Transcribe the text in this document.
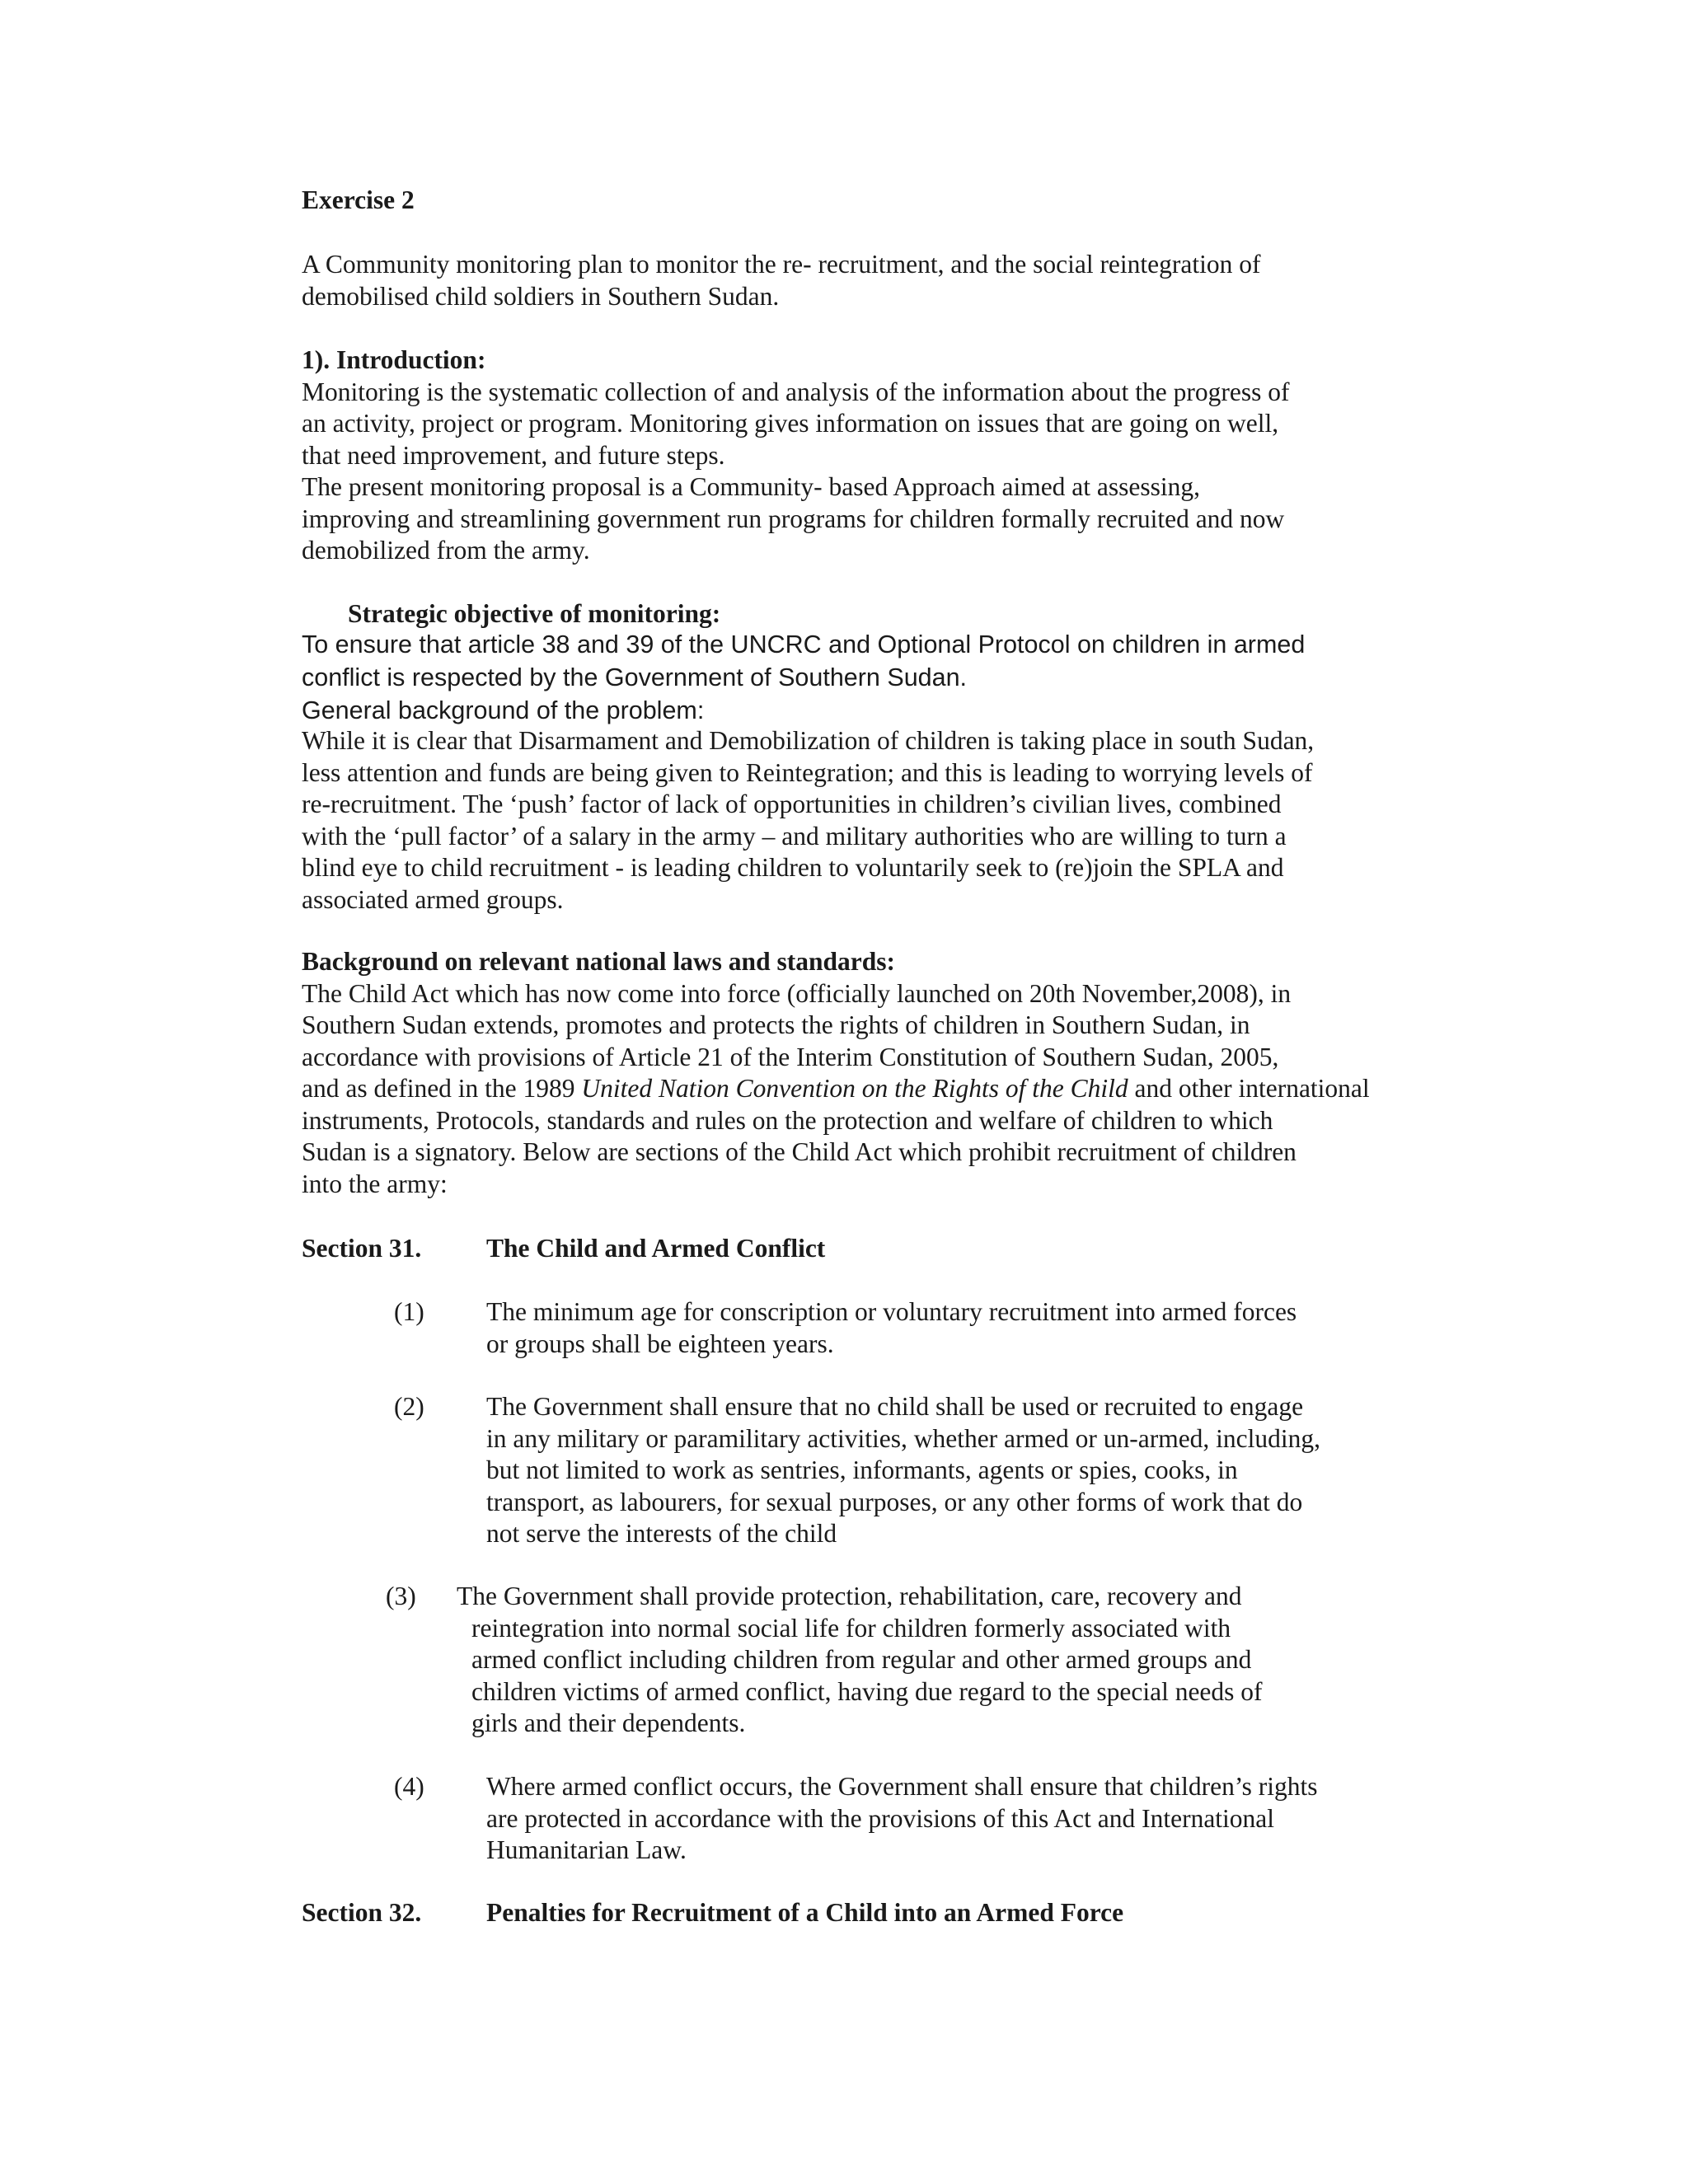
Exercise 2
A Community monitoring plan to monitor the re- recruitment, and the social reintegration of
demobilised child soldiers in Southern Sudan.
1). Introduction:
Monitoring is the systematic collection of and analysis of the information about the progress of
an activity, project or program. Monitoring gives information on issues that are going on well,
that need improvement, and future steps.
The present monitoring proposal is a Community- based Approach aimed at assessing,
improving and streamlining government run programs for children formally recruited and now
demobilized from the army.
Strategic objective of monitoring:
To ensure that article 38 and 39 of the UNCRC and Optional Protocol on children in armed
conflict is respected by the Government of Southern Sudan.
General background of the problem:
While it is clear that Disarmament and Demobilization of children is taking place in south Sudan,
less attention and funds are being given to Reintegration; and this is leading to worrying levels of
re-recruitment. The ‘push’ factor of lack of opportunities in children’s civilian lives, combined
with the ‘pull factor’ of a salary in the army – and military authorities who are willing to turn a
blind eye to child recruitment - is leading children to voluntarily seek to (re)join the SPLA and
associated armed groups.
Background on relevant national laws and standards:
The Child Act which has now come into force (officially launched on 20th November,2008), in
Southern Sudan extends, promotes and protects the rights of children in Southern Sudan, in
accordance with provisions of Article 21 of the Interim Constitution of Southern Sudan, 2005,
and as defined in the 1989 United Nation Convention on the Rights of the Child and other international
instruments, Protocols, standards and rules on the protection and welfare of children to which
Sudan is a signatory. Below are sections of the Child Act which prohibit recruitment of children
into the army:
Section 31.	The Child and Armed Conflict
(1) The minimum age for conscription or voluntary recruitment into armed forces
or groups shall be eighteen years.
(2) The Government shall ensure that no child shall be used or recruited to engage
in any military or paramilitary activities, whether armed or un-armed, including,
but not limited to work as sentries, informants, agents or spies, cooks, in
transport, as labourers, for sexual purposes, or any other forms of work that do
not serve the interests of the child
(3) The Government shall provide protection, rehabilitation, care, recovery and
reintegration into normal social life for children formerly associated with
armed conflict including children from regular and other armed groups and
children victims of armed conflict, having due regard to the special needs of
girls and their dependents.
(4) Where armed conflict occurs, the Government shall ensure that children’s rights
are protected in accordance with the provisions of this Act and International
Humanitarian Law.
Section 32.	Penalties for Recruitment of a Child into an Armed Force
